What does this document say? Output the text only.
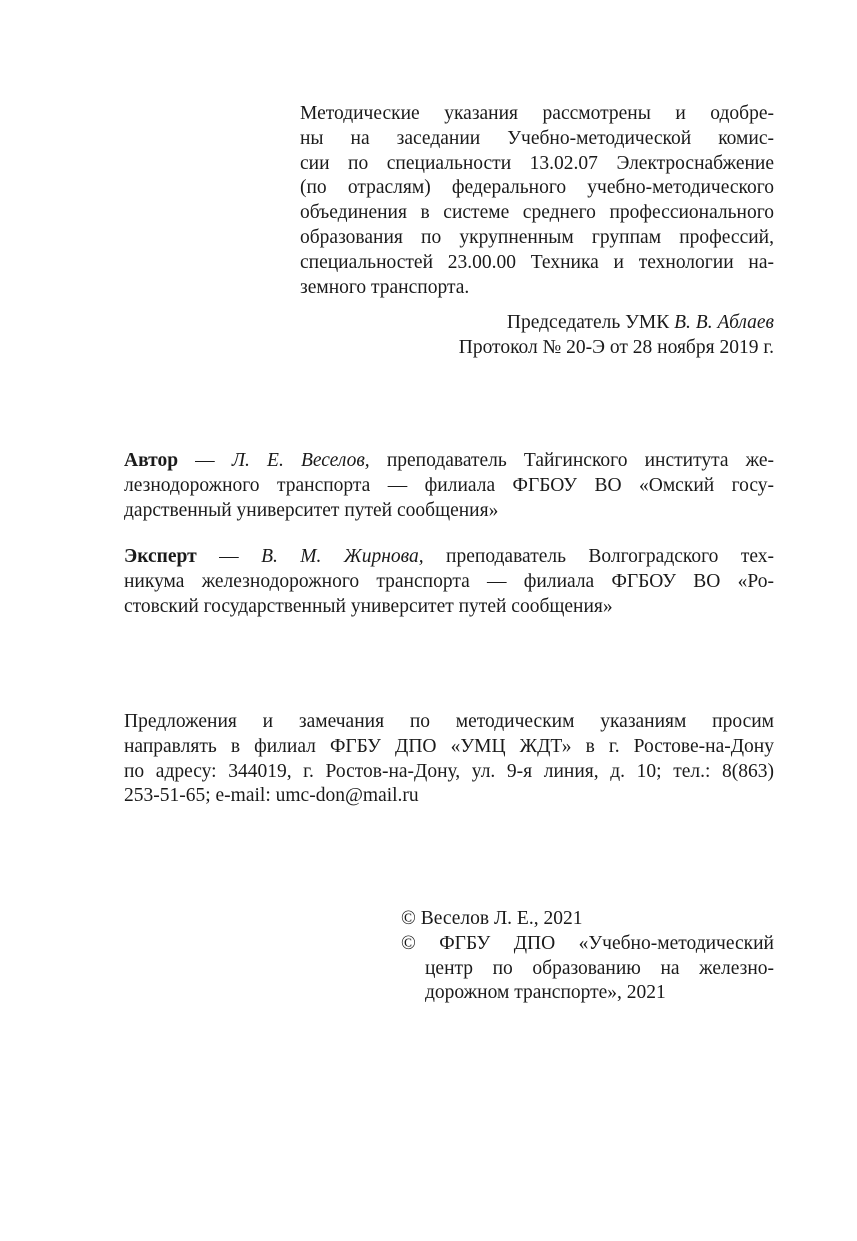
Методические указания рассмотрены и одобре-
ны на заседании Учебно-методической комис-
сии по специальности 13.02.07 Электроснабжение
(по отраслям) федерального учебно-методического
объединения в системе среднего профессионального
образования по укрупненным группам профессий,
специальностей 23.00.00 Техника и технологии на-
земного транспорта.
Председатель УМК В. В. Аблаев
Протокол № 20-Э от 28 ноября 2019 г.
Автор — Л. Е. Веселов, преподаватель Тайгинского института же-
лезнодорожного транспорта — филиала ФГБОУ ВО «Омский госу-
дарственный университет путей сообщения»
Эксперт — В. М. Жирнова, преподаватель Волгоградского тех-
никума железнодорожного транспорта — филиала ФГБОУ ВО «Ро-
стовский государственный университет путей сообщения»
Предложения и замечания по методическим указаниям просим
направлять в филиал ФГБУ ДПО «УМЦ ЖДТ» в г. Ростове-на-Дону
по адресу: 344019, г. Ростов-на-Дону, ул. 9-я линия, д. 10; тел.: 8(863)
253-51-65; e-mail: umc-don@mail.ru
© Веселов Л. Е., 2021
© ФГБУ ДПО «Учебно-методический
центр по образованию на железно-
дорожном транспорте», 2021
